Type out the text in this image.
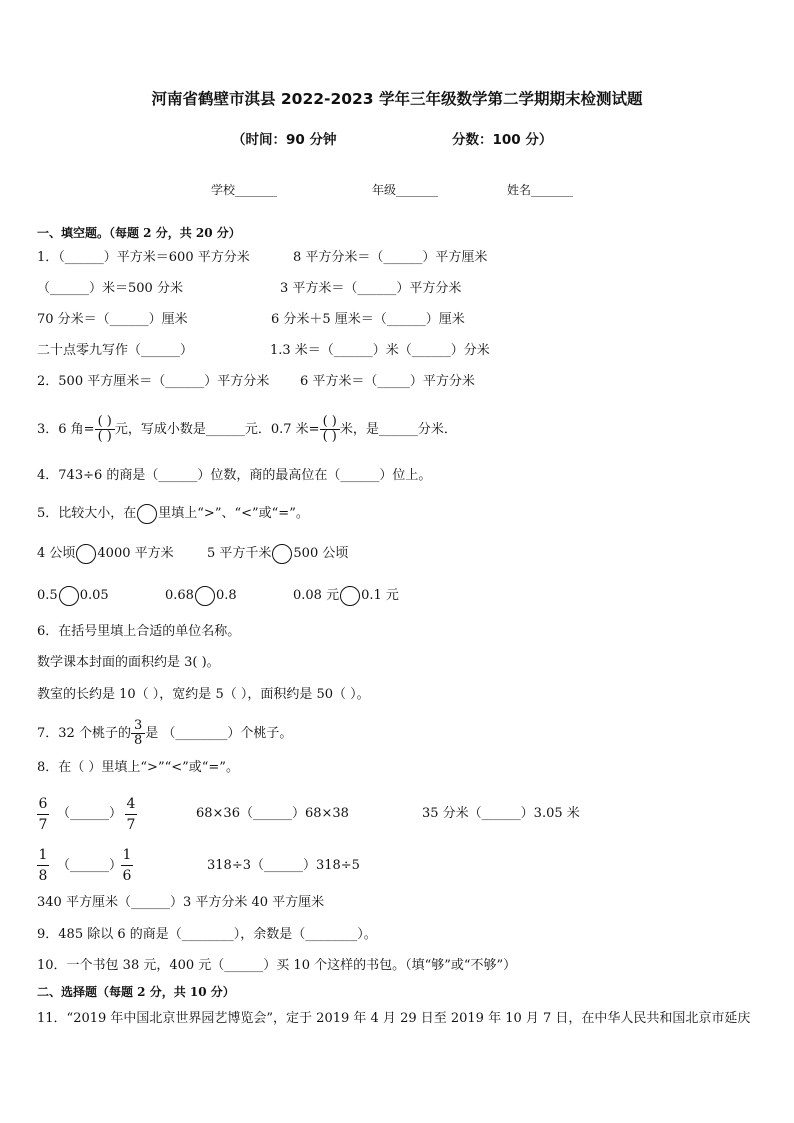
河南省鹤壁市淇县 2022-2023 学年三年级数学第二学期期末检测试题
（时间：90 分钟	分数：100 分）
学校_______	年级_______	姓名_______
一、填空题。（每题 2 分，共 20 分）
1．（______）平方米＝600 平方分米	8 平方分米＝（______）平方厘米
（______）米＝500 分米	3 平方米＝（______）平方分米
70 分米＝（______）厘米	6 分米＋5 厘米＝（______）厘米
二十点零九写作（______）	1.3 米＝（______）米（______）分米
2．500 平方厘米＝（______）平方分米 6 平方米＝（_____）平方分米
3．6 角= $\frac{( )}{( )}$ 元，写成小数是______元．0.7 米= $\frac{( )}{( )}$ 米，是______分米．
4．743÷6 的商是（______）位数，商的最高位在（______）位上。
5．比较大小，在 里填上“>”、“<”或“=”。
4 公顷 4000 平方米	5 平方千米 500 公顷
0.5 0.05	0.68 0.8	0.08 元 0.1 元
6．在括号里填上合适的单位名称。
数学课本封面的面积约是 3( )。
教室的长约是 10（ ），宽约是 5（ ），面积约是 50（ ）。
7．32 个桃子的 $\frac{3}{8}$ 是 （________）个桃子。
8．在（ ）里填上“>”“<”或“=”。
6
7
（______）
4
7
68×36（______）68×38	35 分米（______）3.05 米
1
8
（______）
1
6
318÷3（______）318÷5
340 平方厘米（______）3 平方分米 40 平方厘米
9．485 除以 6 的商是（________），余数是（________）。
10．一个书包 38 元，400 元（______）买 10 个这样的书包。（填“够”或“不够”）
二、选择题（每题 2 分，共 10 分）
11．“2019 年中国北京世界园艺博览会”，定于 2019 年 4 月 29 日至 2019 年 10 月 7 日，在中华人民共和国北京市延庆
